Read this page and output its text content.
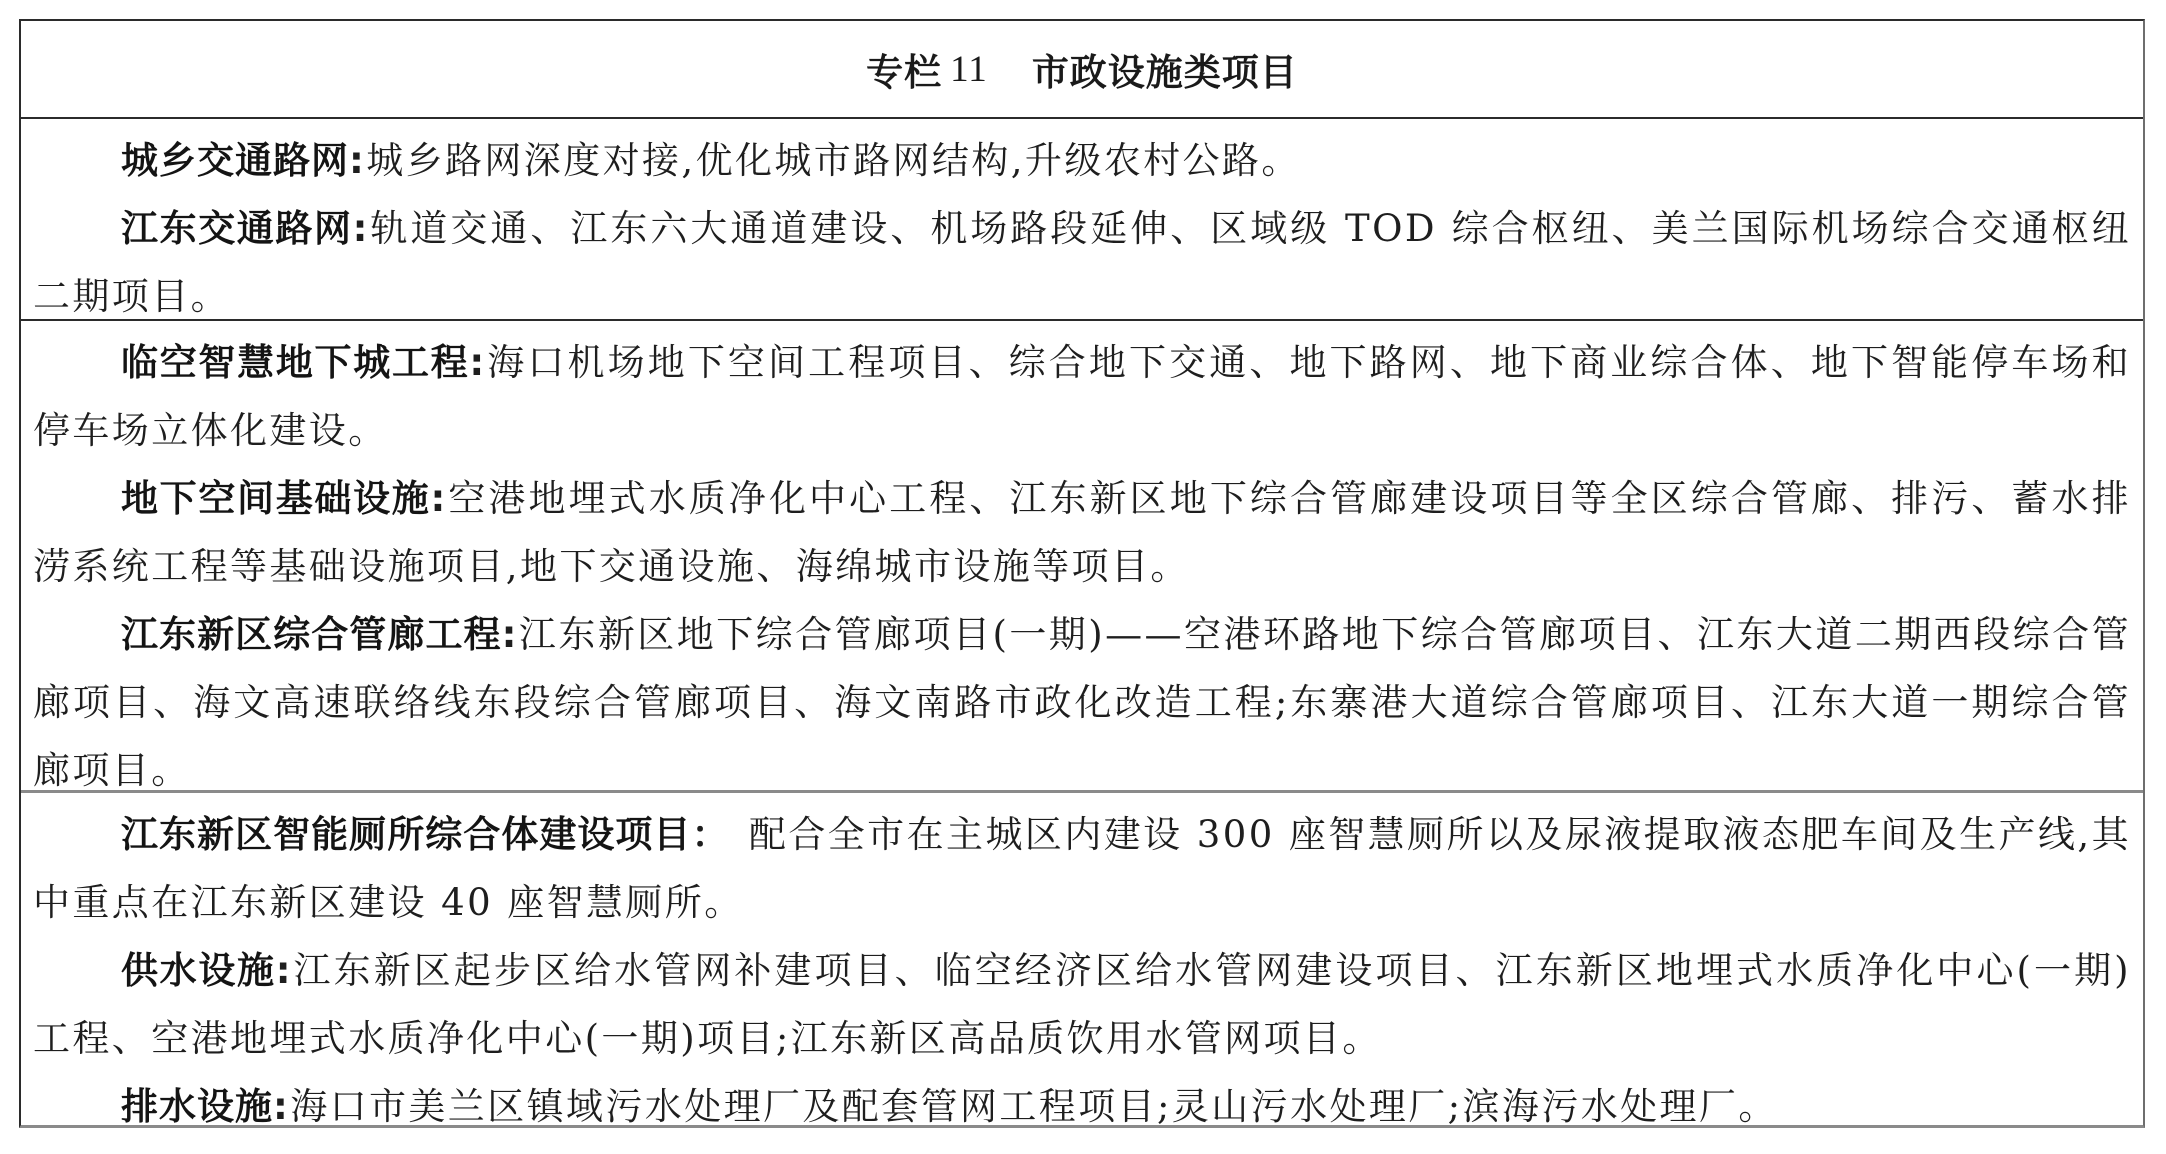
专栏 11 市政设施类项目

城乡交通路网:城乡路网深度对接,优化城市路网结构,升级农村公路。

江东交通路网:轨道交通、江东六大通道建设、机场路段延伸、区域级 TOD 综合枢纽、美兰国际机场综合交通枢纽二期项目。

临空智慧地下城工程:海口机场地下空间工程项目、综合地下交通、地下路网、地下商业综合体、地下智能停车场和停车场立体化建设。

地下空间基础设施:空港地埋式水质净化中心工程、江东新区地下综合管廊建设项目等全区综合管廊、排污、蓄水排涝系统工程等基础设施项目,地下交通设施、海绵城市设施等项目。

江东新区综合管廊工程:江东新区地下综合管廊项目(一期)——空港环路地下综合管廊项目、江东大道二期西段综合管廊项目、海文高速联络线东段综合管廊项目、海文南路市政化改造工程;东寨港大道综合管廊项目、江东大道一期综合管廊项目。

江东新区智能厕所综合体建设项目： 配合全市在主城区内建设 300 座智慧厕所以及尿液提取液态肥车间及生产线,其中重点在江东新区建设 40 座智慧厕所。

供水设施:江东新区起步区给水管网补建项目、临空经济区给水管网建设项目、江东新区地埋式水质净化中心(一期)工程、空港地埋式水质净化中心(一期)项目;江东新区高品质饮用水管网项目。

排水设施:海口市美兰区镇域污水处理厂及配套管网工程项目;灵山污水处理厂;滨海污水处理厂。
